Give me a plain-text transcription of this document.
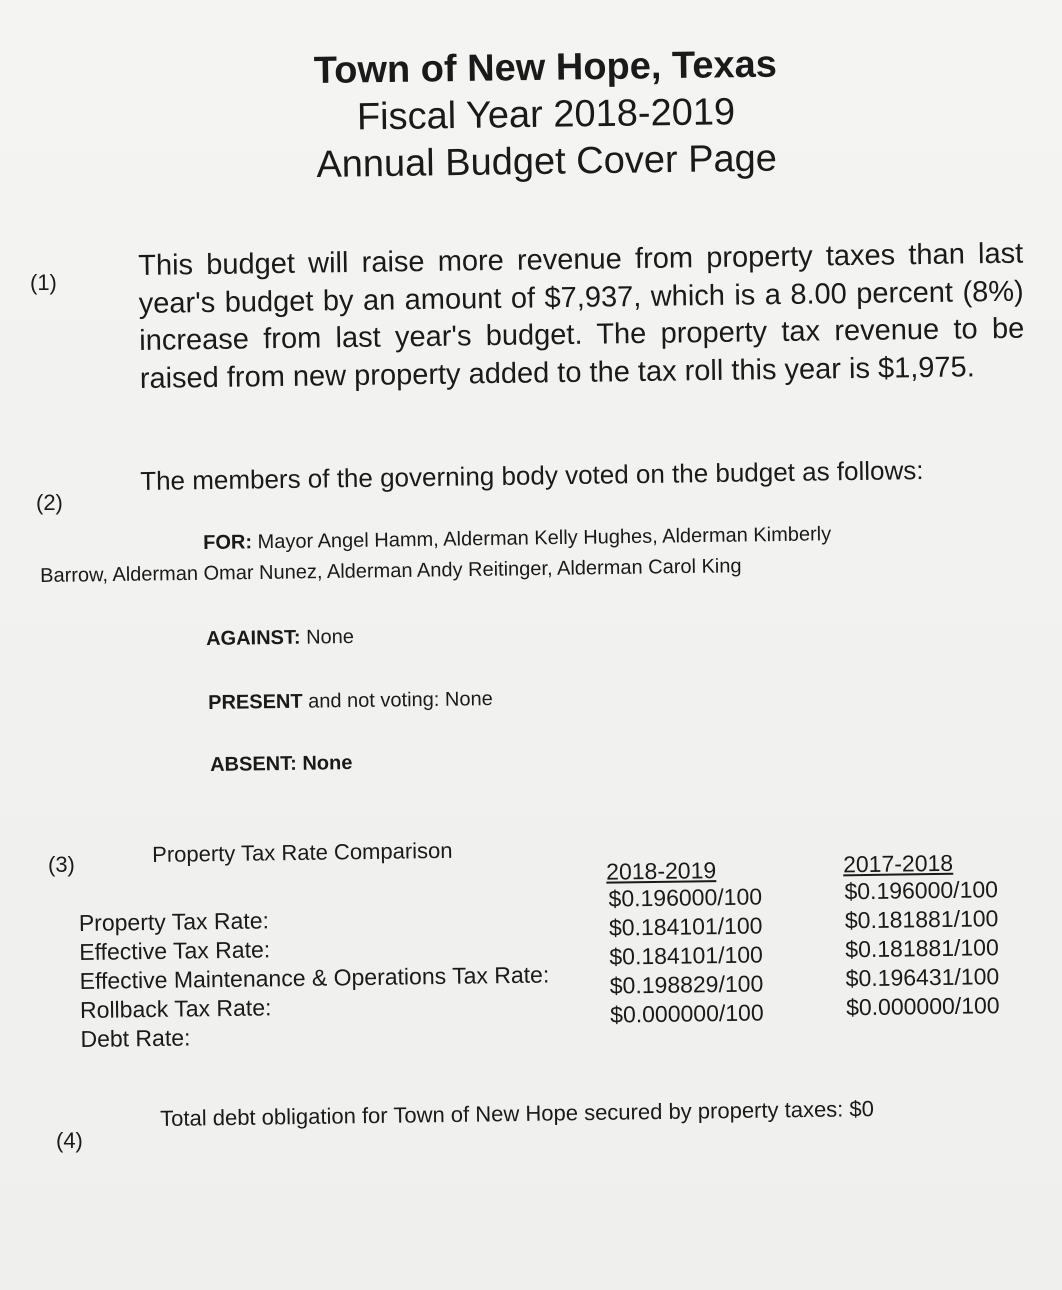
Town of New Hope, Texas
Fiscal Year 2018-2019
Annual Budget Cover Page
(1)
This budget will raise more revenue from property taxes than last year's budget by an amount of $7,937, which is a 8.00 percent (8%) increase from last year's budget. The property tax revenue to be raised from new property added to the tax roll this year is $1,975.
(2)
The members of the governing body voted on the budget as follows:
FOR: Mayor Angel Hamm, Alderman Kelly Hughes, Alderman Kimberly
Barrow, Alderman Omar Nunez, Alderman Andy Reitinger, Alderman Carol King
AGAINST: None
PRESENT and not voting: None
ABSENT: None
(3)	Property Tax Rate Comparison
2018-2019	2017-2018
Property Tax Rate:
$0.196000/100	$0.196000/100
Effective Tax Rate:
$0.184101/100	$0.181881/100
Effective Maintenance & Operations Tax Rate:
$0.184101/100	$0.181881/100
Rollback Tax Rate:
$0.198829/100	$0.196431/100
Debt Rate:
$0.000000/100	$0.000000/100
(4)
Total debt obligation for Town of New Hope secured by property taxes: $0
